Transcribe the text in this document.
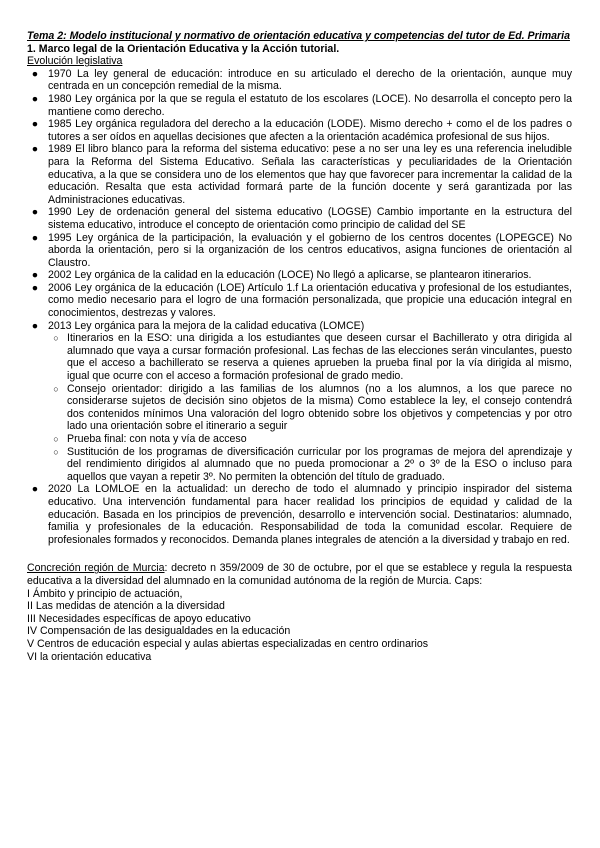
Tema 2: Modelo institucional y normativo de orientación educativa y competencias del tutor de Ed. Primaria
1. Marco legal de la Orientación Educativa y la Acción tutorial.
Evolución legislativa
● 1970 La ley general de educación: introduce en su articulado el derecho de la orientación, aunque muy centrada en un concepción remedial de la misma.
● 1980 Ley orgánica por la que se regula el estatuto de los escolares (LOCE). No desarrolla el concepto pero la mantiene como derecho.
● 1985 Ley orgánica reguladora del derecho a la educación (LODE). Mismo derecho + como el de los padres o tutores a ser oídos en aquellas decisiones que afecten a la orientación académica profesional de sus hijos.
● 1989 El libro blanco para la reforma del sistema educativo: pese a no ser una ley es una referencia ineludible para la Reforma del Sistema Educativo. Señala las características y peculiaridades de la Orientación educativa, a la que se considera uno de los elementos que hay que favorecer para incrementar la calidad de la educación. Resalta que esta actividad formará parte de la función docente y será garantizada por las Administraciones educativas.
● 1990 Ley de ordenación general del sistema educativo (LOGSE) Cambio importante en la estructura del sistema educativo, introduce el concepto de orientación como principio de calidad del SE
● 1995 Ley orgánica de la participación, la evaluación y el gobierno de los centros docentes (LOPEGCE) No aborda la orientación, pero si la organización de los centros educativos, asigna funciones de orientación al Claustro.
● 2002 Ley orgánica de la calidad en la educación (LOCE) No llegó a aplicarse, se plantearon itinerarios.
● 2006 Ley orgánica de la educación (LOE) Artículo 1.f La orientación educativa y profesional de los estudiantes, como medio necesario para el logro de una formación personalizada, que propicie una educación integral en conocimientos, destrezas y valores.
● 2013 Ley orgánica para la mejora de la calidad educativa (LOMCE)
○ Itinerarios en la ESO: una dirigida a los estudiantes que deseen cursar el Bachillerato y otra dirigida al alumnado que vaya a cursar formación profesional. Las fechas de las elecciones serán vinculantes, puesto que el acceso a bachillerato se reserva a quienes aprueben la prueba final por la vía dirigida al mismo, igual que ocurre con el acceso a formación profesional de grado medio.
○ Consejo orientador: dirigido a las familias de los alumnos (no a los alumnos, a los que parece no considerarse sujetos de decisión sino objetos de la misma) Como establece la ley, el consejo contendrá dos contenidos mínimos Una valoración del logro obtenido sobre los objetivos y competencias y por otro lado una orientación sobre el itinerario a seguir
○ Prueba final: con nota y vía de acceso
○ Sustitución de los programas de diversificación curricular por los programas de mejora del aprendizaje y del rendimiento dirigidos al alumnado que no pueda promocionar a 2º o 3º de la ESO o incluso para aquellos que vayan a repetir 3º. No permiten la obtención del título de graduado.
● 2020 La LOMLOE en la actualidad: un derecho de todo el alumnado y principio inspirador del sistema educativo. Una intervención fundamental para hacer realidad los principios de equidad y calidad de la educación. Basada en los principios de prevención, desarrollo e intervención social. Destinatarios: alumnado, familia y profesionales de la educación. Responsabilidad de toda la comunidad escolar. Requiere de profesionales formados y reconocidos. Demanda planes integrales de atención a la diversidad y trabajo en red.
Concreción región de Murcia: decreto n 359/2009 de 30 de octubre, por el que se establece y regula la respuesta educativa a la diversidad del alumnado en la comunidad autónoma de la región de Murcia. Caps:
I Ámbito y principio de actuación,
II Las medidas de atención a la diversidad
III Necesidades específicas de apoyo educativo
IV Compensación de las desigualdades en la educación
V Centros de educación especial y aulas abiertas especializadas en centro ordinarios
VI la orientación educativa
